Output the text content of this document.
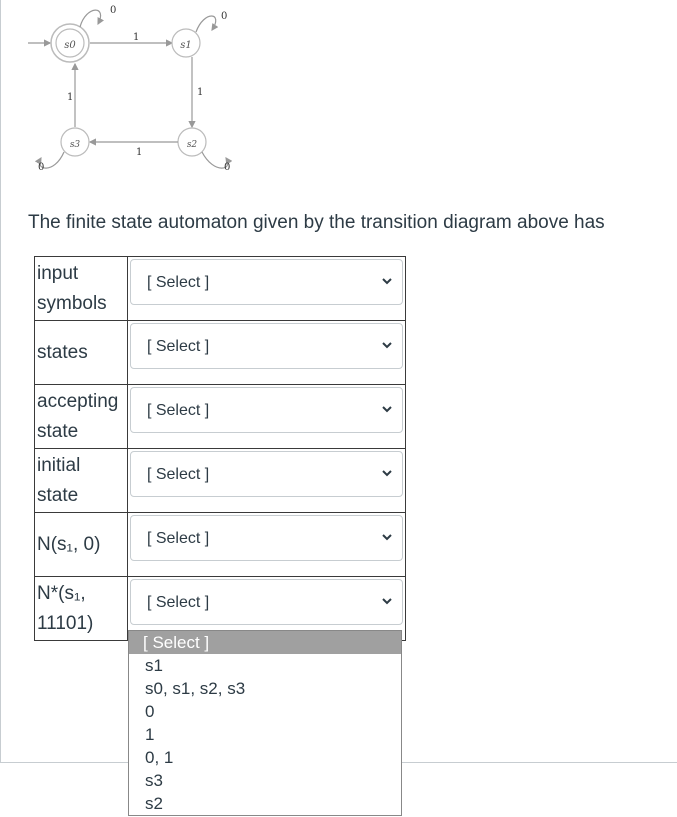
s0
0
1
s1
0
1
s2
0
1
s3
0
1
The finite state automaton given by the transition diagram above has
input
symbols	[ Select ]

states	[ Select ]

accepting
state	[ Select ]

initial
state	[ Select ]

N(s₁, 0)	[ Select ]

N*(s₁,
11101)	[ Select ]
[ Select ]
s1
s0, s1, s2, s3
0
1
0, 1
s3
s2
